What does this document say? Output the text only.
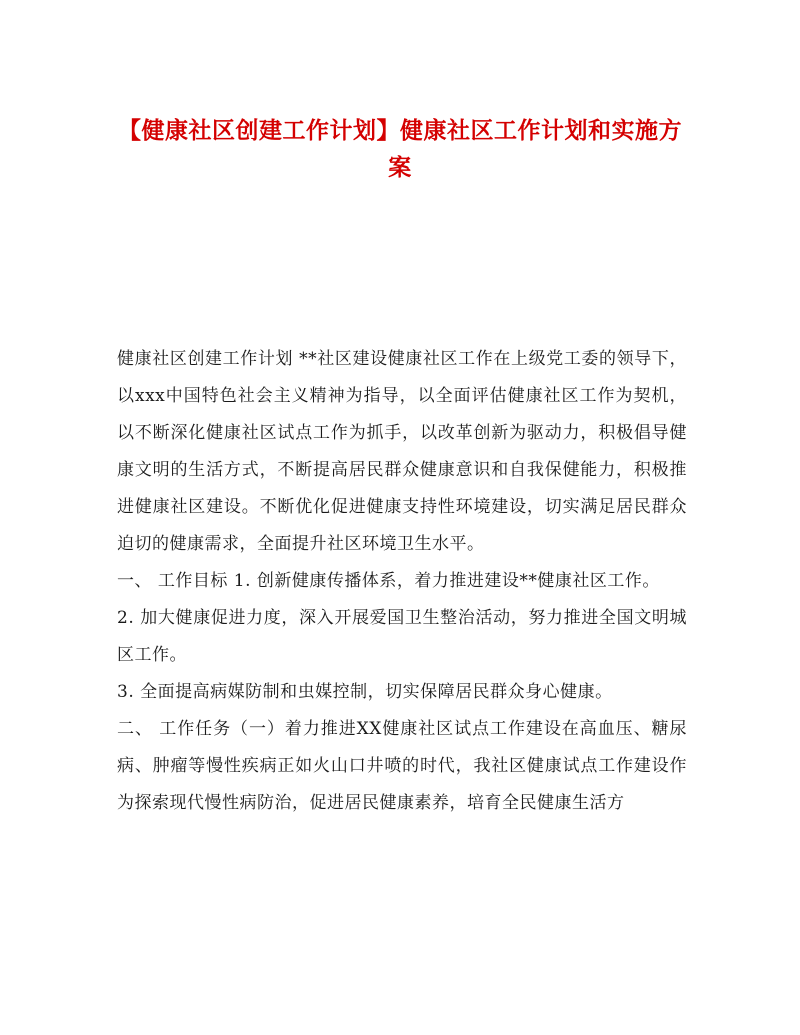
【健康社区创建工作计划】健康社区工作计划和实施方案

健康社区创建工作计划 **社区建设健康社区工作在上级党工委的领导下，以xxx中国特色社会主义精神为指导，以全面评估健康社区工作为契机，以不断深化健康社区试点工作为抓手，以改革创新为驱动力，积极倡导健康文明的生活方式，不断提高居民群众健康意识和自我保健能力，积极推进健康社区建设。不断优化促进健康支持性环境建设，切实满足居民群众迫切的健康需求，全面提升社区环境卫生水平。

一、 工作目标 1. 创新健康传播体系，着力推进建设**健康社区工作。

2. 加大健康促进力度，深入开展爱国卫生整治活动，努力推进全国文明城区工作。

3. 全面提高病媒防制和虫媒控制，切实保障居民群众身心健康。

二、 工作任务（一）着力推进XX健康社区试点工作建设在高血压、糖尿病、肿瘤等慢性疾病正如火山口井喷的时代，我社区健康试点工作建设作为探索现代慢性病防治，促进居民健康素养，培育全民健康生活方
